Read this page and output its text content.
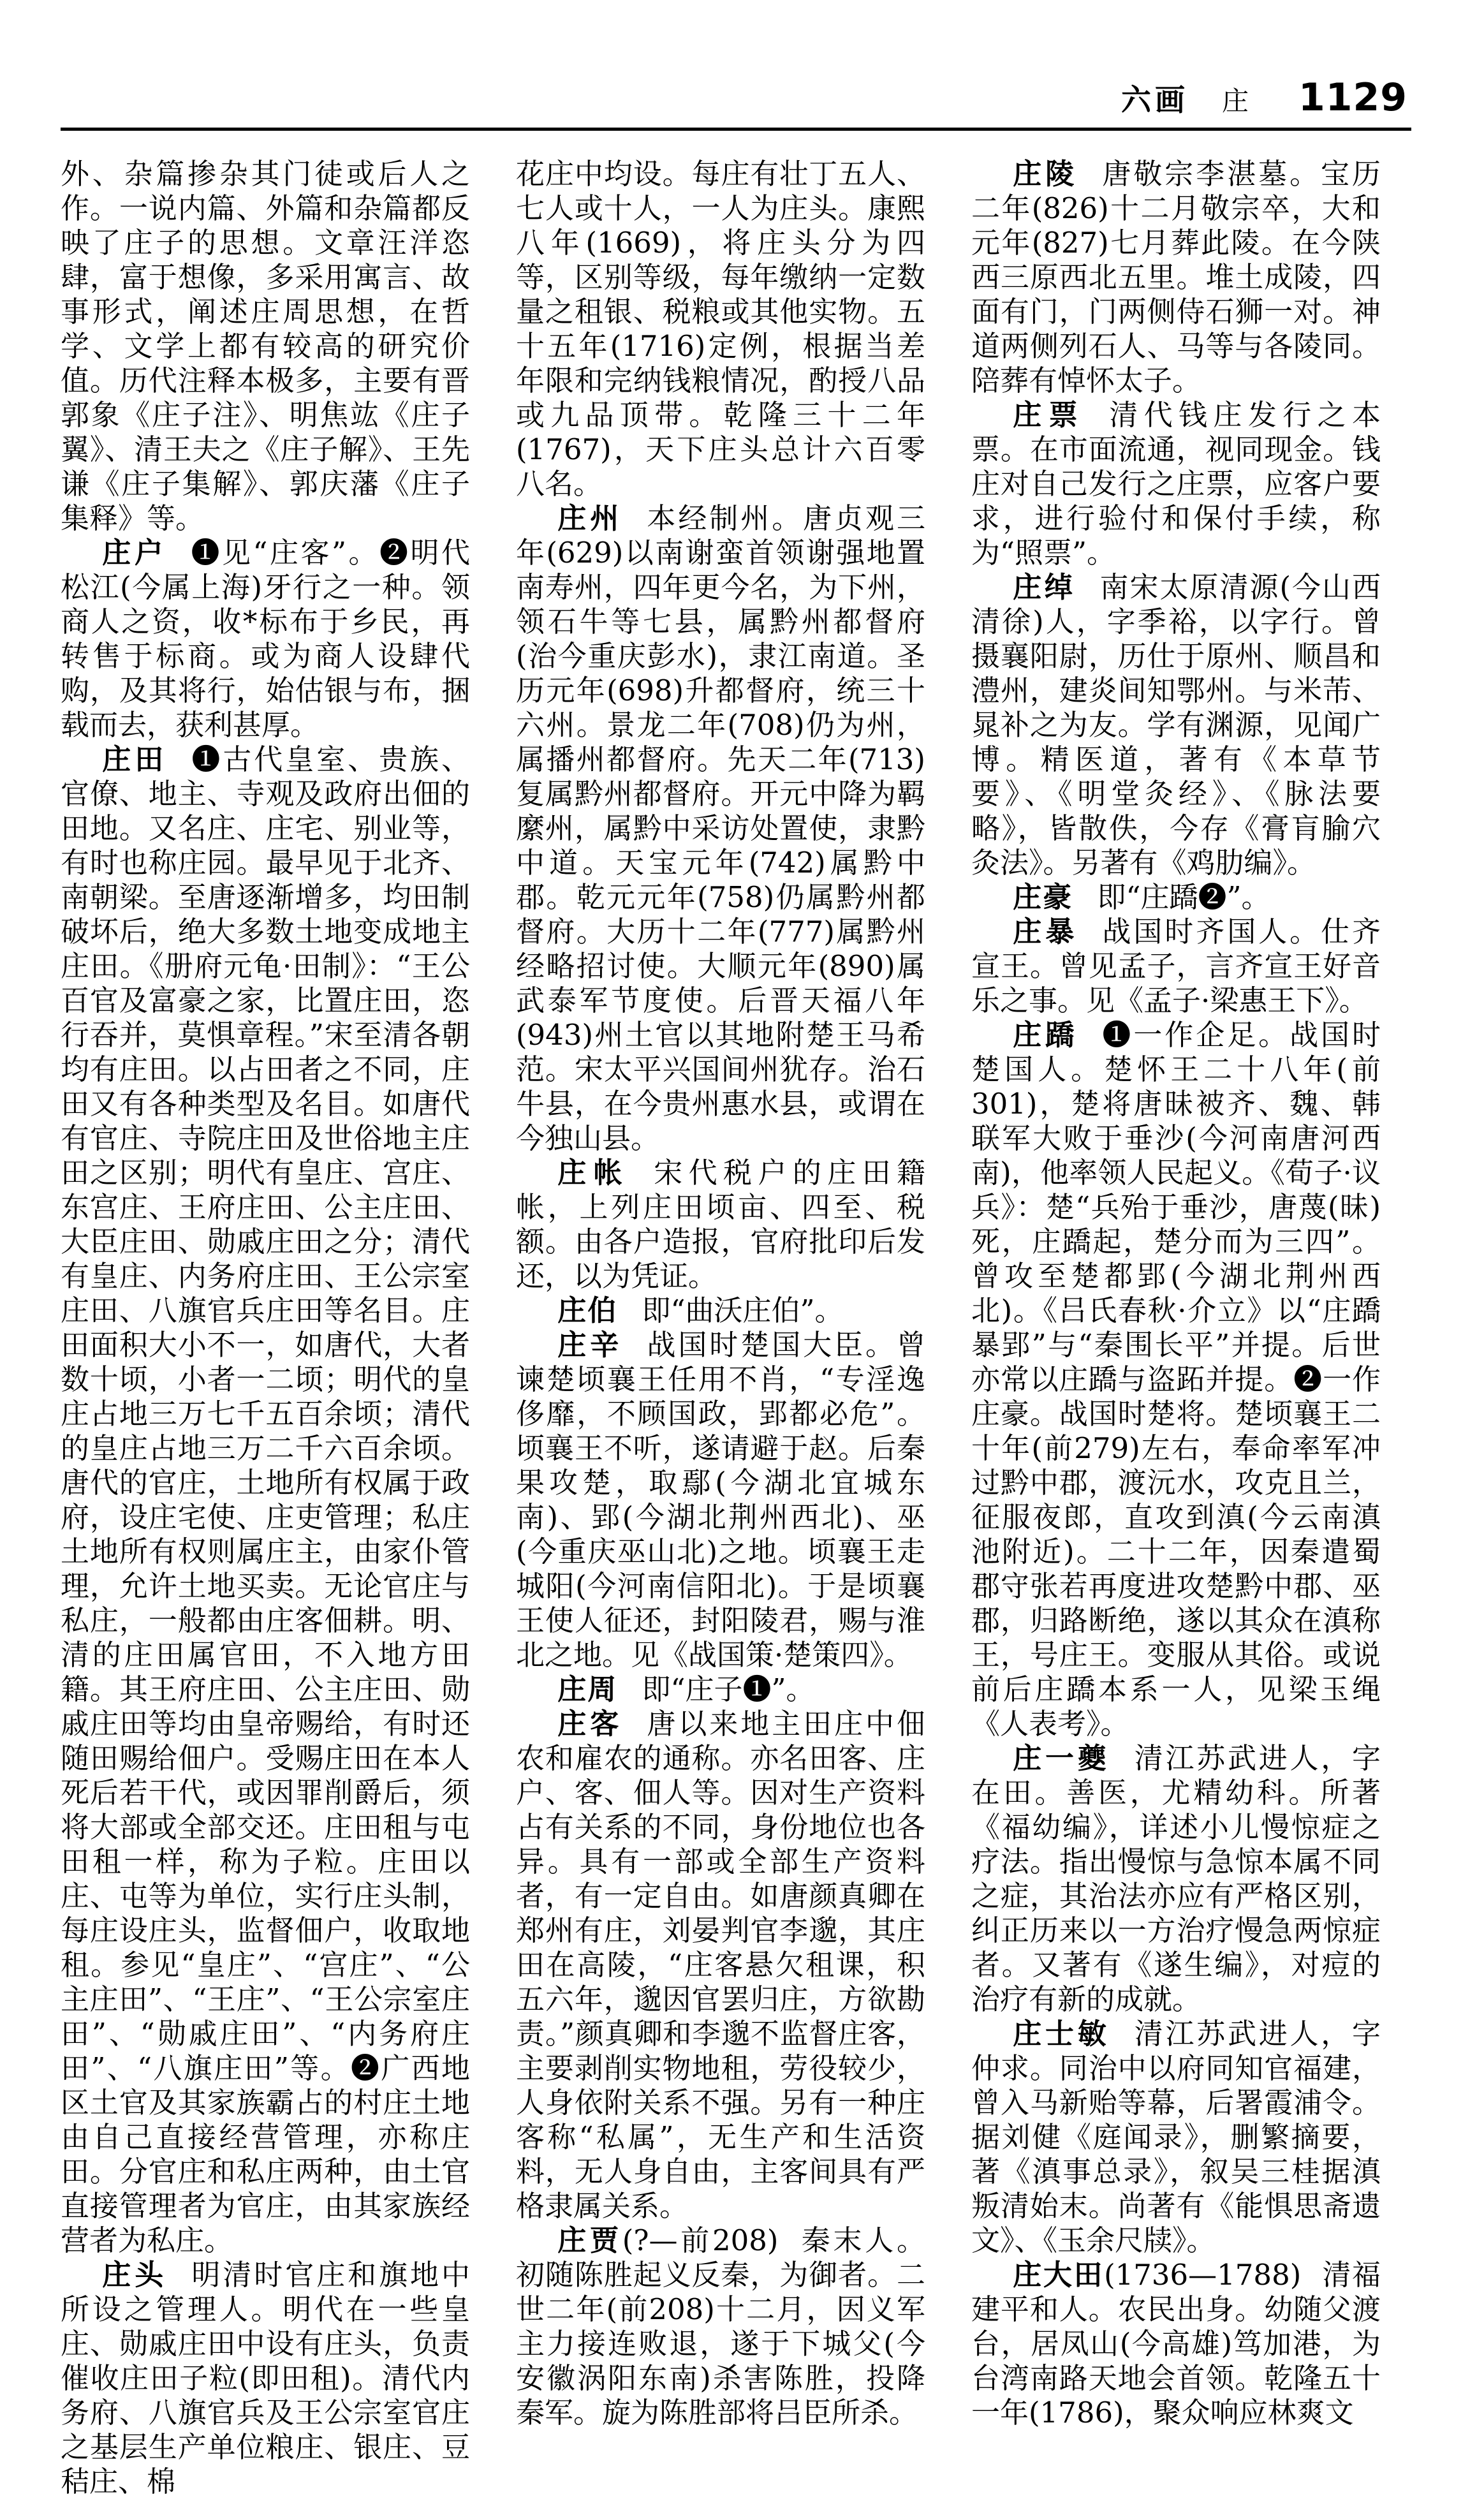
六画 庄 1129

外、杂篇掺杂其门徒或后人之作。一说内篇、外篇和杂篇都反映了庄子的思想。文章汪洋恣肆，富于想像，多采用寓言、故事形式，阐述庄周思想，在哲学、文学上都有较高的研究价值。历代注释本极多，主要有晋郭象《庄子注》、明焦竑《庄子翼》、清王夫之《庄子解》、王先谦《庄子集解》、郭庆藩《庄子集释》等。

庄户 ❶见“庄客”。❷明代松江(今属上海)牙行之一种。领商人之资，收*标布于乡民，再转售于标商。或为商人设肆代购，及其将行，始估银与布，捆载而去，获利甚厚。

庄田 ❶古代皇室、贵族、官僚、地主、寺观及政府出佃的田地。又名庄、庄宅、别业等，有时也称庄园。最早见于北齐、南朝梁。至唐逐渐增多，均田制破坏后，绝大多数土地变成地主庄田。《册府元龟·田制》：“王公百官及富豪之家，比置庄田，恣行吞并，莫惧章程。”宋至清各朝均有庄田。以占田者之不同，庄田又有各种类型及名目。如唐代有官庄、寺院庄田及世俗地主庄田之区别；明代有皇庄、宫庄、东宫庄、王府庄田、公主庄田、大臣庄田、勋戚庄田之分；清代有皇庄、内务府庄田、王公宗室庄田、八旗官兵庄田等名目。庄田面积大小不一，如唐代，大者数十顷，小者一二顷；明代的皇庄占地三万七千五百余顷；清代的皇庄占地三万二千六百余顷。唐代的官庄，土地所有权属于政府，设庄宅使、庄吏管理；私庄土地所有权则属庄主，由家仆管理，允许土地买卖。无论官庄与私庄，一般都由庄客佃耕。明、清的庄田属官田，不入地方田籍。其王府庄田、公主庄田、勋戚庄田等均由皇帝赐给，有时还随田赐给佃户。受赐庄田在本人死后若干代，或因罪削爵后，须将大部或全部交还。庄田租与屯田租一样，称为子粒。庄田以庄、屯等为单位，实行庄头制，每庄设庄头，监督佃户，收取地租。参见“皇庄”、“宫庄”、“公主庄田”、“王庄”、“王公宗室庄田”、“勋戚庄田”、“内务府庄田”、“八旗庄田”等。❷广西地区土官及其家族霸占的村庄土地由自己直接经营管理，亦称庄田。分官庄和私庄两种，由土官直接管理者为官庄，由其家族经营者为私庄。

庄头 明清时官庄和旗地中所设之管理人。明代在一些皇庄、勋戚庄田中设有庄头，负责催收庄田子粒(即田租)。清代内务府、八旗官兵及王公宗室官庄之基层生产单位粮庄、银庄、豆秸庄、棉

花庄中均设。每庄有壮丁五人、七人或十人，一人为庄头。康熙八年(1669)，将庄头分为四等，区别等级，每年缴纳一定数量之租银、税粮或其他实物。五十五年(1716)定例，根据当差年限和完纳钱粮情况，酌授八品或九品顶带。乾隆三十二年(1767)，天下庄头总计六百零八名。

庄州 本经制州。唐贞观三年(629)以南谢蛮首领谢强地置南寿州，四年更今名，为下州，领石牛等七县，属黔州都督府(治今重庆彭水)，隶江南道。圣历元年(698)升都督府，统三十六州。景龙二年(708)仍为州，属播州都督府。先天二年(713)复属黔州都督府。开元中降为羁縻州，属黔中采访处置使，隶黔中道。天宝元年(742)属黔中郡。乾元元年(758)仍属黔州都督府。大历十二年(777)属黔州经略招讨使。大顺元年(890)属武泰军节度使。后晋天福八年(943)州土官以其地附楚王马希范。宋太平兴国间州犹存。治石牛县，在今贵州惠水县，或谓在今独山县。

庄帐 宋代税户的庄田籍帐，上列庄田顷亩、四至、税额。由各户造报，官府批印后发还，以为凭证。

庄伯 即“曲沃庄伯”。

庄辛 战国时楚国大臣。曾谏楚顷襄王任用不肖，“专淫逸侈靡，不顾国政，郢都必危”。顷襄王不听，遂请避于赵。后秦果攻楚，取鄢(今湖北宜城东南)、郢(今湖北荆州西北)、巫(今重庆巫山北)之地。顷襄王走城阳(今河南信阳北)。于是顷襄王使人征还，封阳陵君，赐与淮北之地。见《战国策·楚策四》。

庄周 即“庄子❶”。

庄客 唐以来地主田庄中佃农和雇农的通称。亦名田客、庄户、客、佃人等。因对生产资料占有关系的不同，身份地位也各异。具有一部或全部生产资料者，有一定自由。如唐颜真卿在郑州有庄，刘晏判官李邈，其庄田在高陵，“庄客悬欠租课，积五六年，邈因官罢归庄，方欲勘责。”颜真卿和李邈不监督庄客，主要剥削实物地租，劳役较少，人身依附关系不强。另有一种庄客称“私属”，无生产和生活资料，无人身自由，主客间具有严格隶属关系。

庄贾(?—前208) 秦末人。初随陈胜起义反秦，为御者。二世二年(前208)十二月，因义军主力接连败退，遂于下城父(今安徽涡阳东南)杀害陈胜，投降秦军。旋为陈胜部将吕臣所杀。

庄陵 唐敬宗李湛墓。宝历二年(826)十二月敬宗卒，大和元年(827)七月葬此陵。在今陕西三原西北五里。堆土成陵，四面有门，门两侧侍石狮一对。神道两侧列石人、马等与各陵同。陪葬有悼怀太子。

庄票 清代钱庄发行之本票。在市面流通，视同现金。钱庄对自己发行之庄票，应客户要求，进行验付和保付手续，称为“照票”。

庄绰 南宋太原清源(今山西清徐)人，字季裕，以字行。曾摄襄阳尉，历仕于原州、顺昌和澧州，建炎间知鄂州。与米芾、晁补之为友。学有渊源，见闻广博。精医道，著有《本草节要》、《明堂灸经》、《脉法要略》，皆散佚，今存《膏肓腧穴灸法》。另著有《鸡肋编》。

庄豪 即“庄蹻❷”。

庄暴 战国时齐国人。仕齐宣王。曾见孟子，言齐宣王好音乐之事。见《孟子·梁惠王下》。

庄蹻 ❶一作企足。战国时楚国人。楚怀王二十八年(前301)，楚将唐昧被齐、魏、韩联军大败于垂沙(今河南唐河西南)，他率领人民起义。《荀子·议兵》：楚“兵殆于垂沙，唐蔑(昧)死，庄蹻起，楚分而为三四”。曾攻至楚都郢(今湖北荆州西北)。《吕氏春秋·介立》以“庄蹻暴郢”与“秦围长平”并提。后世亦常以庄蹻与盗跖并提。❷一作庄豪。战国时楚将。楚顷襄王二十年(前279)左右，奉命率军冲过黔中郡，渡沅水，攻克且兰，征服夜郎，直攻到滇(今云南滇池附近)。二十二年，因秦遣蜀郡守张若再度进攻楚黔中郡、巫郡，归路断绝，遂以其众在滇称王，号庄王。变服从其俗。或说前后庄蹻本系一人，见梁玉绳《人表考》。

庄一夔 清江苏武进人，字在田。善医，尤精幼科。所著《福幼编》，详述小儿慢惊症之疗法。指出慢惊与急惊本属不同之症，其治法亦应有严格区别，纠正历来以一方治疗慢急两惊症者。又著有《遂生编》，对痘的治疗有新的成就。

庄士敏 清江苏武进人，字仲求。同治中以府同知官福建，曾入马新贻等幕，后署霞浦令。据刘健《庭闻录》，删繁摘要，著《滇事总录》，叙吴三桂据滇叛清始末。尚著有《能惧思斋遗文》、《玉余尺牍》。

庄大田(1736—1788) 清福建平和人。农民出身。幼随父渡台，居凤山(今高雄)笃加港，为台湾南路天地会首领。乾隆五十一年(1786)，聚众响应林爽文
